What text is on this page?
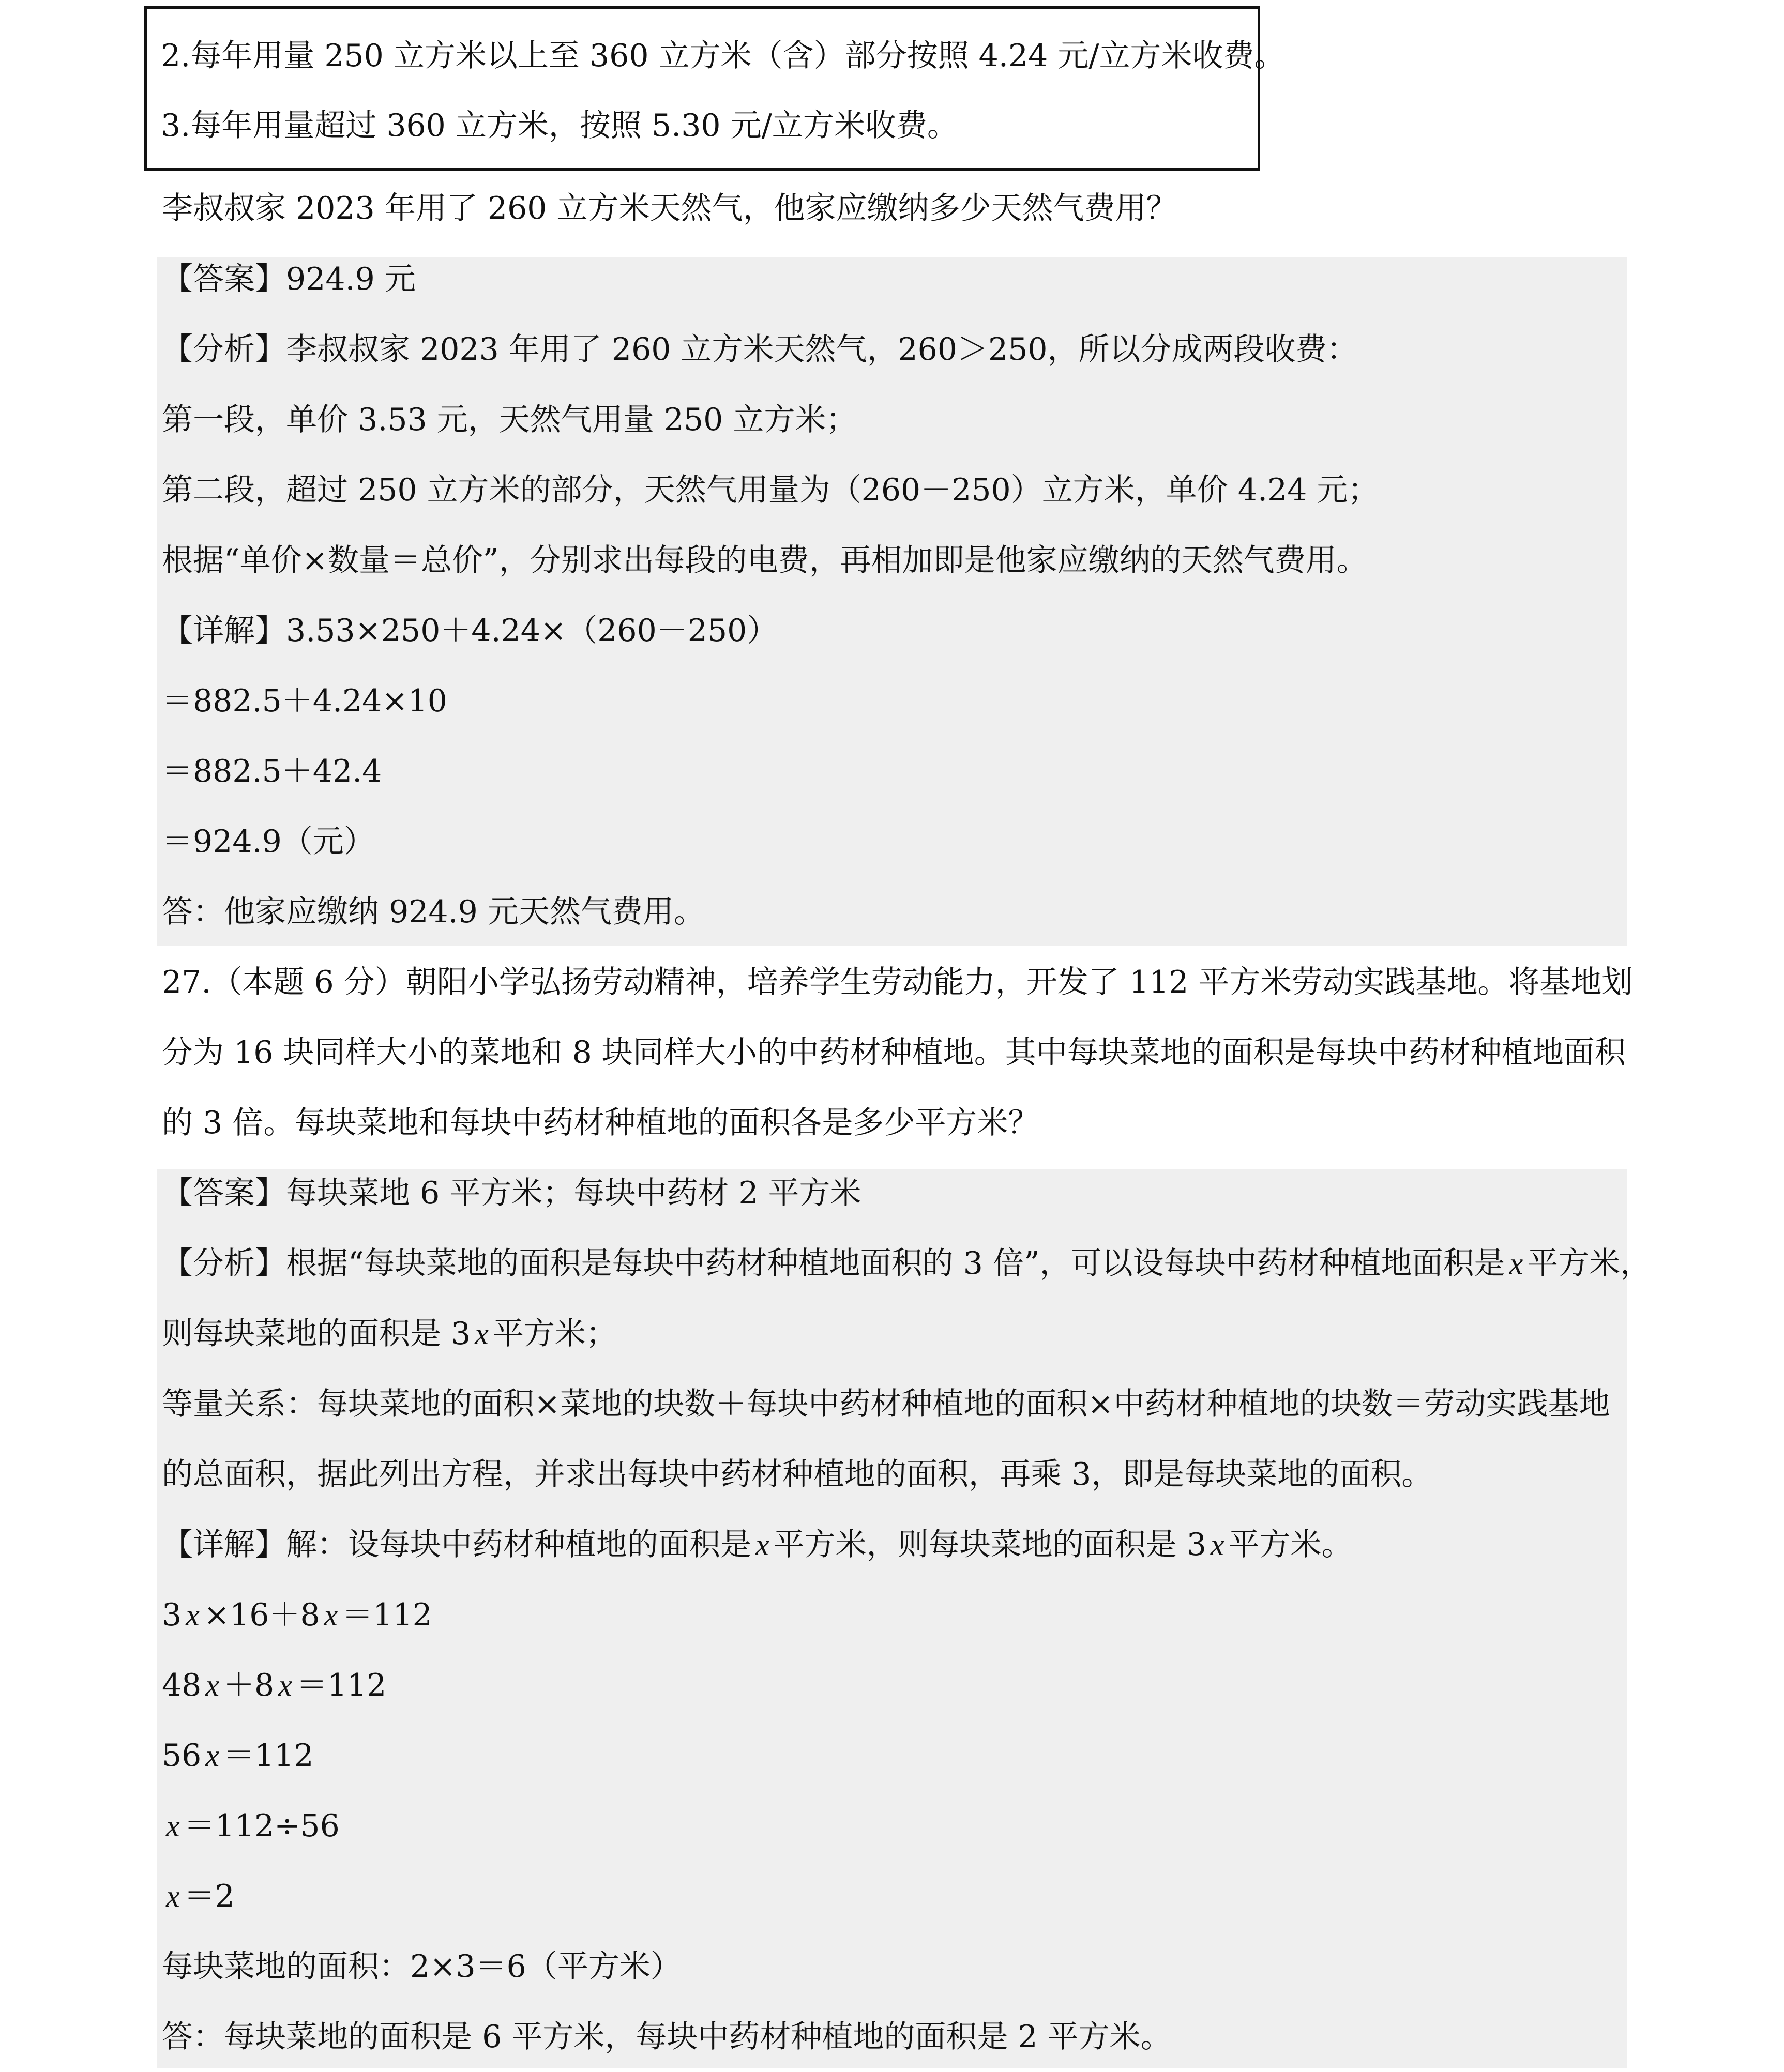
2.每年用量 250 立方米以上至 360 立方米（含）部分按照 4.24 元/立方米收费。
3.每年用量超过 360 立方米，按照 5.30 元/立方米收费。
李叔叔家 2023 年用了 260 立方米天然气，他家应缴纳多少天然气费用？
【答案】924.9 元
【分析】李叔叔家 2023 年用了 260 立方米天然气，260＞250，所以分成两段收费：
第一段，单价 3.53 元，天然气用量 250 立方米；
第二段，超过 250 立方米的部分，天然气用量为（260－250）立方米，单价 4.24 元；
根据“单价×数量＝总价”，分别求出每段的电费，再相加即是他家应缴纳的天然气费用。
【详解】3.53×250＋4.24×（260－250）
＝882.5＋4.24×10
＝882.5＋42.4
＝924.9（元）
答：他家应缴纳 924.9 元天然气费用。
27.（本题 6 分）朝阳小学弘扬劳动精神，培养学生劳动能力，开发了 112 平方米劳动实践基地。将基地划
分为 16 块同样大小的菜地和 8 块同样大小的中药材种植地。其中每块菜地的面积是每块中药材种植地面积
的 3 倍。每块菜地和每块中药材种植地的面积各是多少平方米？
【答案】每块菜地 6 平方米；每块中药材 2 平方米
【分析】根据“每块菜地的面积是每块中药材种植地面积的 3 倍”，可以设每块中药材种植地面积是 x 平方米，
则每块菜地的面积是 3 x 平方米；
等量关系：每块菜地的面积×菜地的块数＋每块中药材种植地的面积×中药材种植地的块数＝劳动实践基地
的总面积，据此列出方程，并求出每块中药材种植地的面积，再乘 3，即是每块菜地的面积。
【详解】解：设每块中药材种植地的面积是 x 平方米，则每块菜地的面积是 3 x 平方米。
3 x ×16＋8 x ＝112
48 x ＋8 x ＝112
56 x ＝112
x ＝112÷56
x ＝2
每块菜地的面积：2×3＝6（平方米）
答：每块菜地的面积是 6 平方米，每块中药材种植地的面积是 2 平方米。
